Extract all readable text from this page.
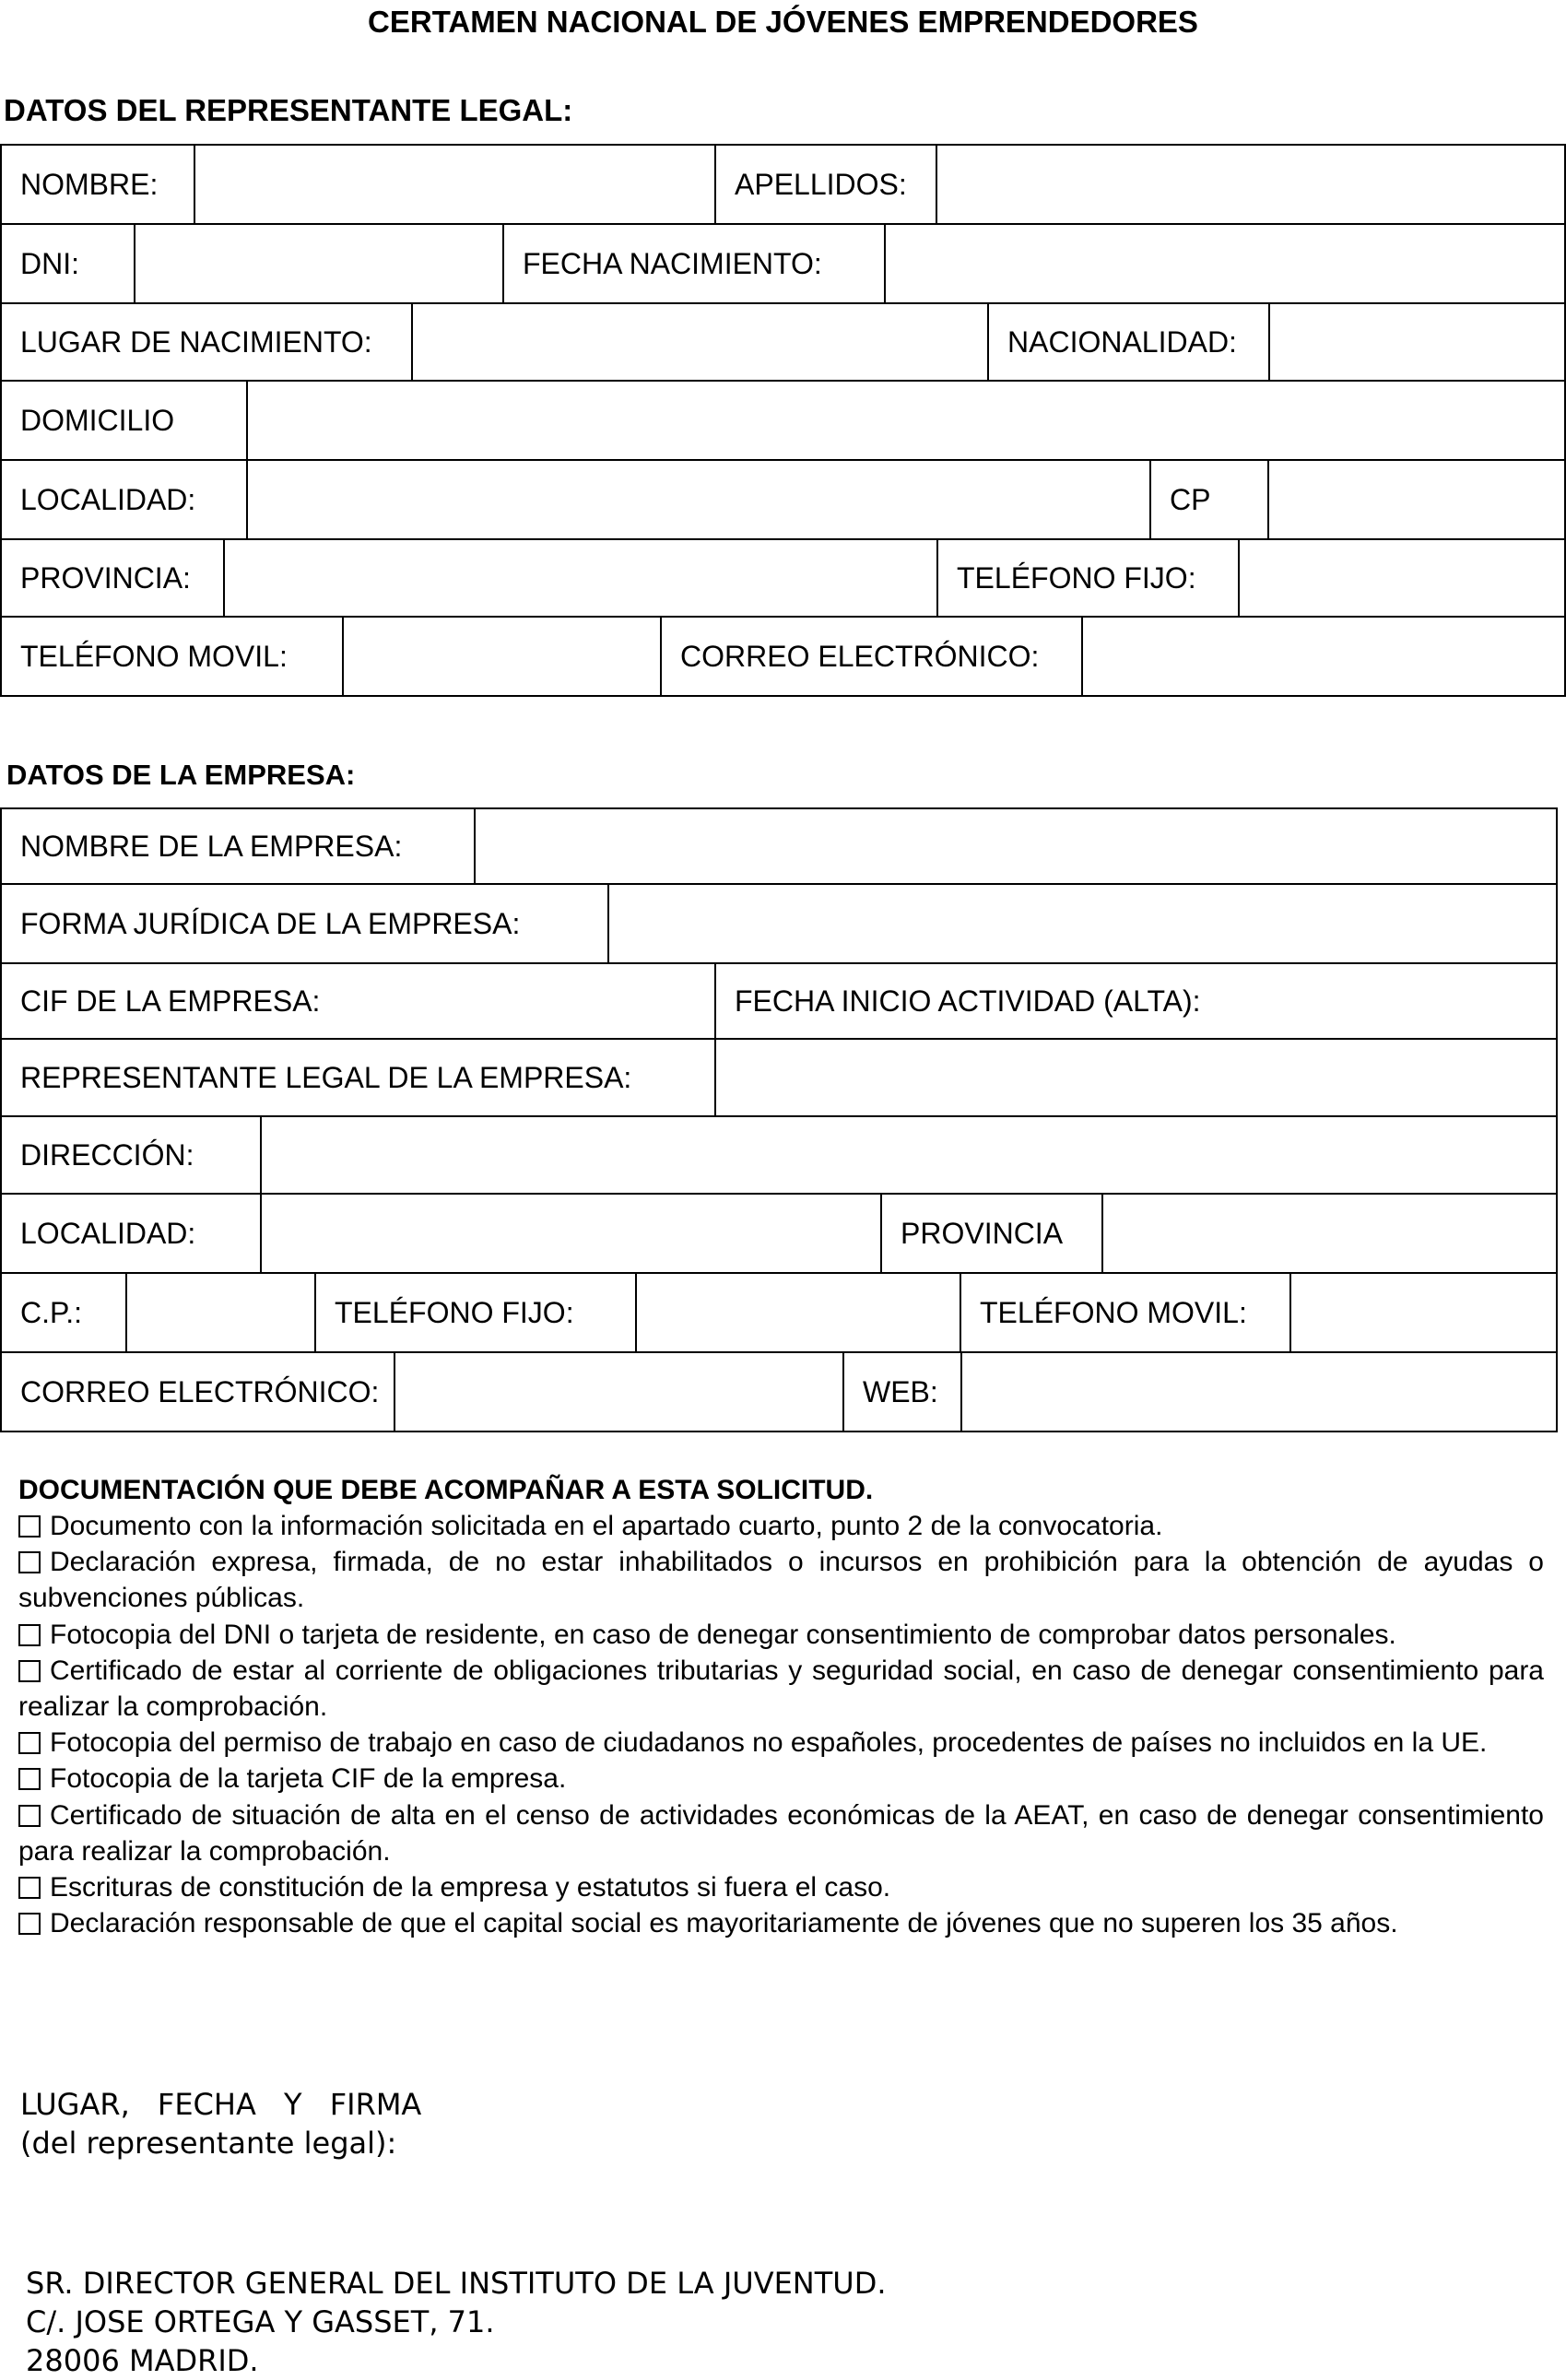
CERTAMEN NACIONAL DE JÓVENES EMPRENDEDORES
DATOS DEL REPRESENTANTE LEGAL:
NOMBRE:	APELLIDOS:
DNI:	FECHA NACIMIENTO:
LUGAR DE NACIMIENTO:	NACIONALIDAD:
DOMICILIO
LOCALIDAD:	CP
PROVINCIA:	TELÉFONO FIJO:
TELÉFONO MOVIL:	CORREO ELECTRÓNICO:
DATOS DE LA EMPRESA:
NOMBRE DE LA EMPRESA:
FORMA JURÍDICA DE LA EMPRESA:
CIF DE LA EMPRESA:	FECHA INICIO ACTIVIDAD (ALTA):
REPRESENTANTE LEGAL DE LA EMPRESA:
DIRECCIÓN:
LOCALIDAD:	PROVINCIA
C.P.:	TELÉFONO FIJO:	TELÉFONO MOVIL:
CORREO ELECTRÓNICO:	WEB:
DOCUMENTACIÓN QUE DEBE ACOMPAÑAR A ESTA SOLICITUD.
Documento con la información solicitada en el apartado cuarto, punto 2 de la convocatoria.
Declaración expresa, firmada, de no estar inhabilitados o incursos en prohibición para la obtención de ayudas o subvenciones públicas.
Fotocopia del DNI o tarjeta de residente, en caso de denegar consentimiento de comprobar datos personales.
Certificado de estar al corriente de obligaciones tributarias y seguridad social, en caso de denegar consentimiento para realizar la comprobación.
Fotocopia del permiso de trabajo en caso de ciudadanos no españoles, procedentes de países no incluidos en la UE.
Fotocopia de la tarjeta CIF de la empresa.
Certificado de situación de alta en el censo de actividades económicas de la AEAT, en caso de denegar consentimiento para realizar la comprobación.
Escrituras de constitución de la empresa y estatutos si fuera el caso.
Declaración responsable de que el capital social es mayoritariamente de jóvenes que no superen los 35 años.
LUGAR, FECHA Y FIRMA
(del representante legal):
SR. DIRECTOR GENERAL DEL INSTITUTO DE LA JUVENTUD.
C/. JOSE ORTEGA Y GASSET, 71.
28006 MADRID.
